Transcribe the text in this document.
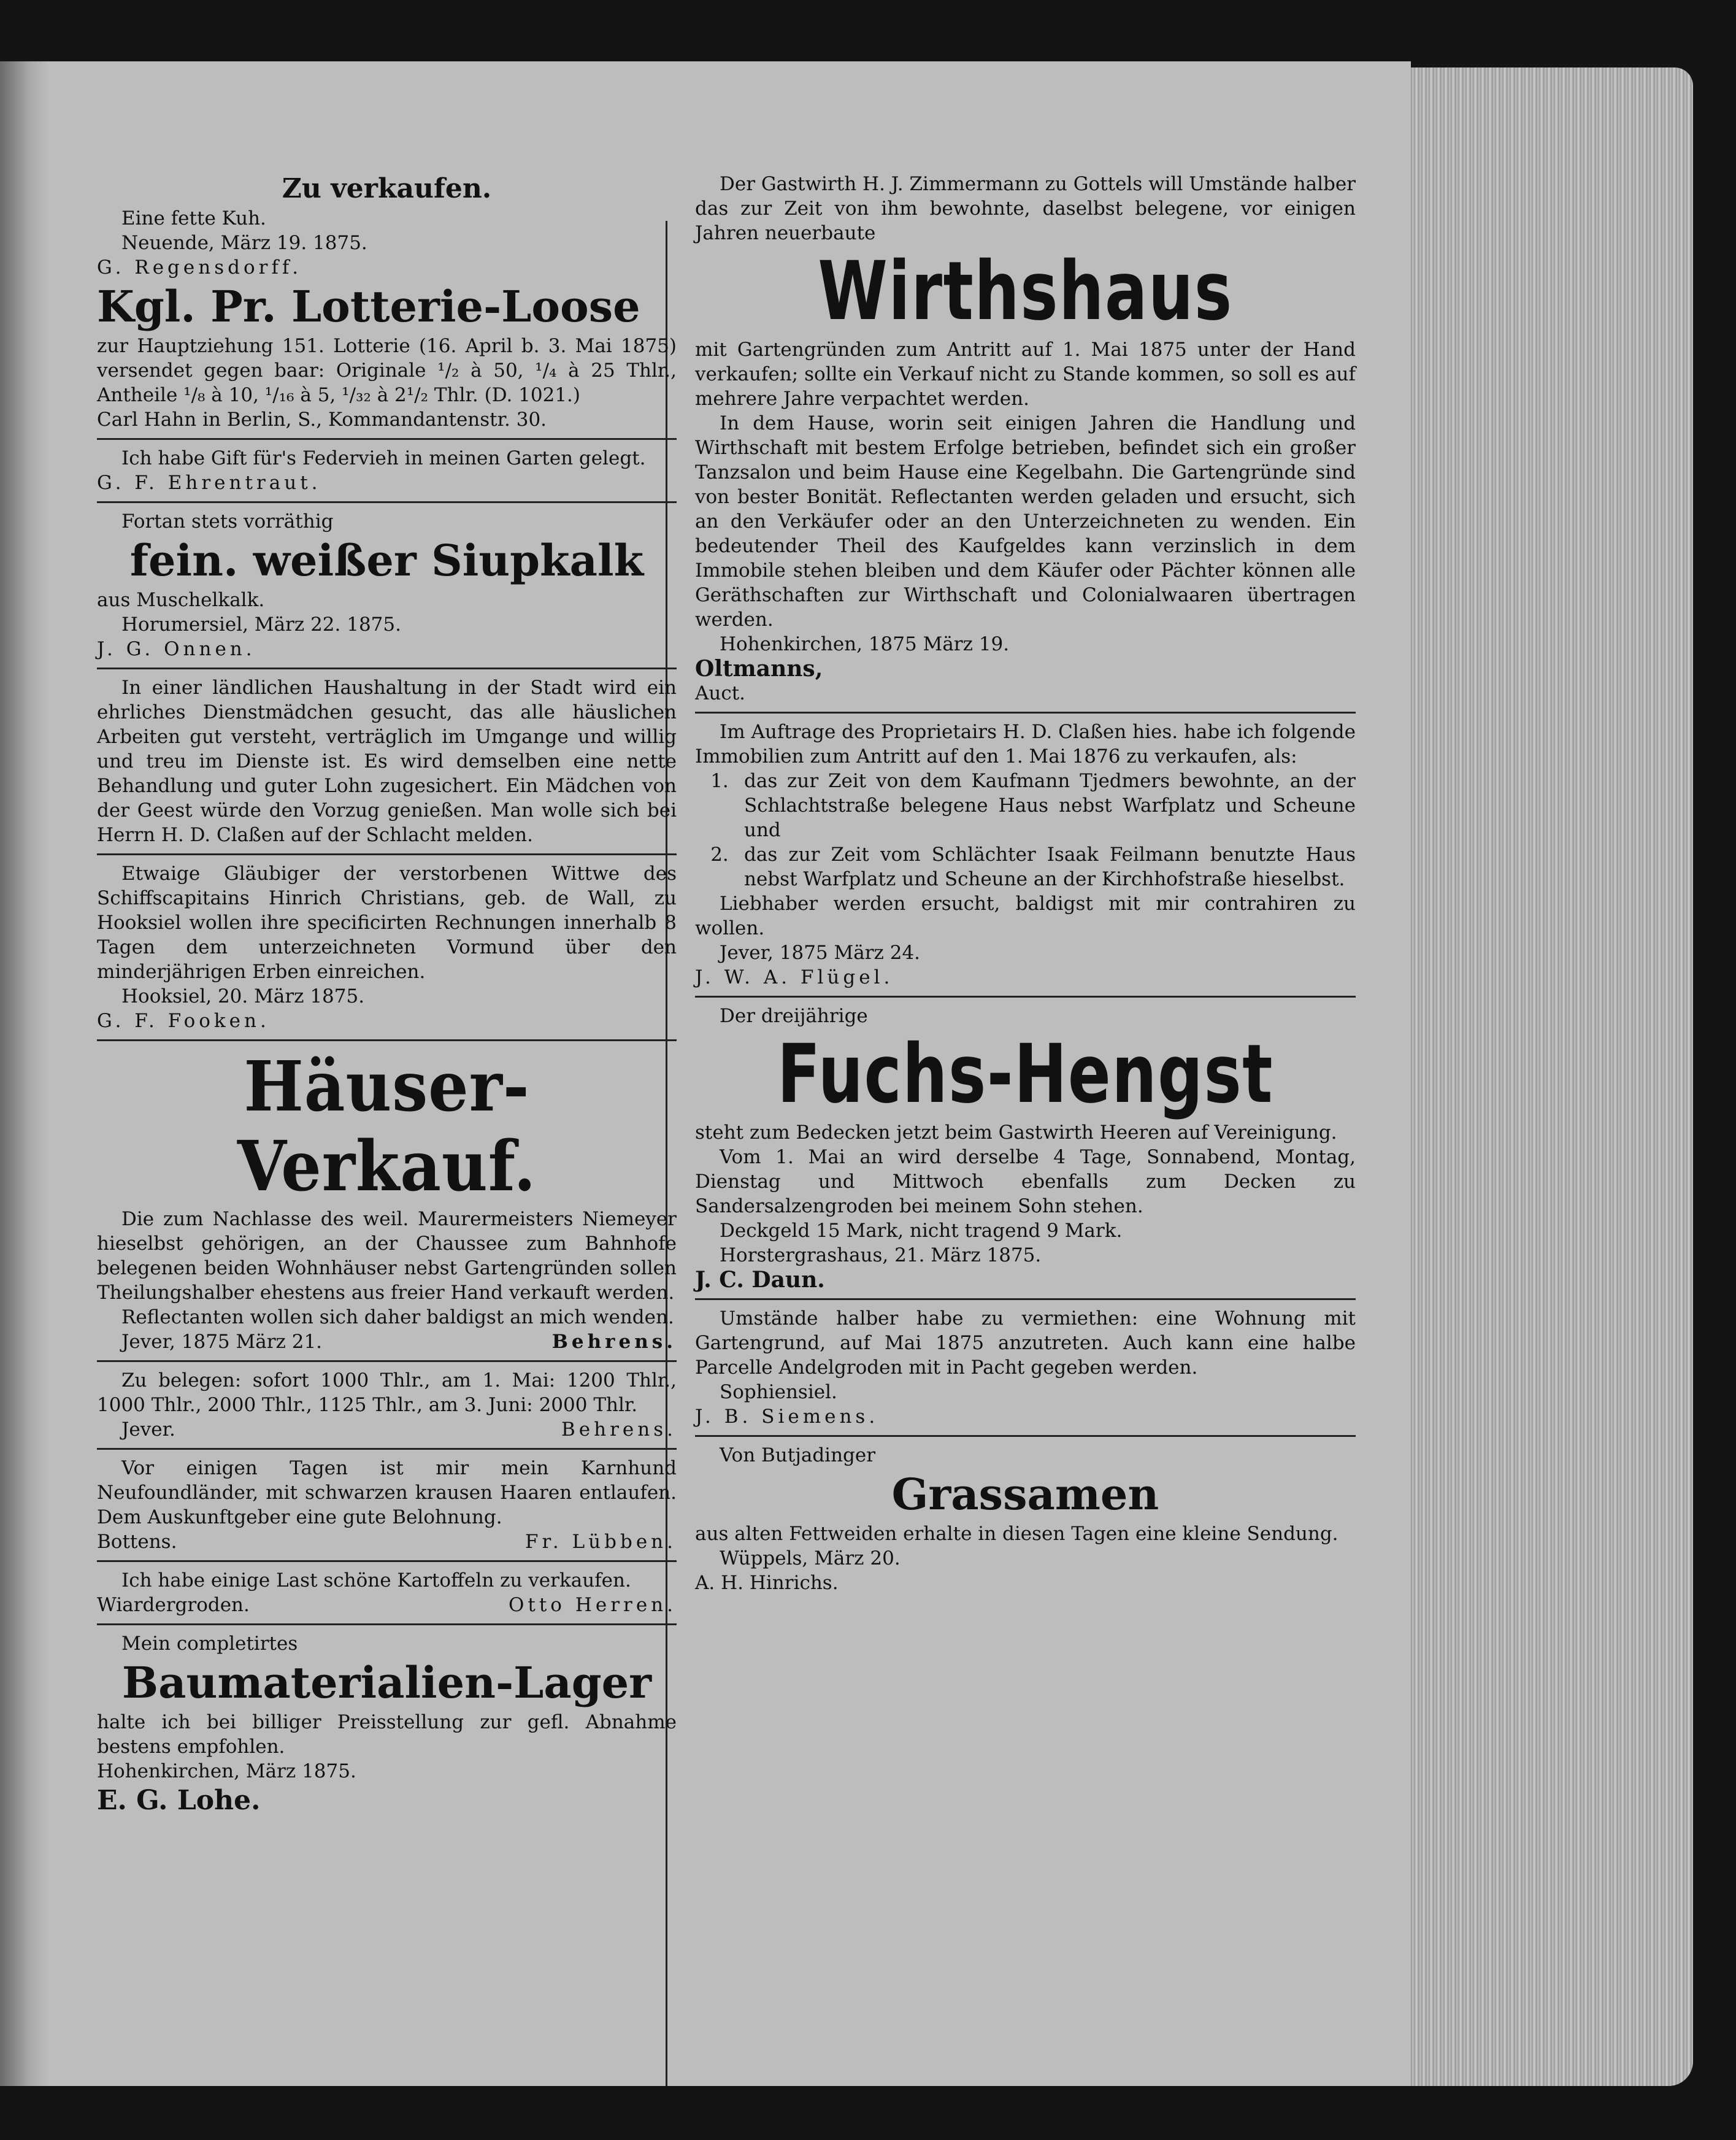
Zu verkaufen.

Eine fette Kuh.

Neuende, März 19. 1875.

G. Regensdorff.

Kgl. Pr. Lotterie-Loose

zur Hauptziehung 151. Lotterie (16. April b. 3. Mai 1875) versendet gegen baar: Originale ¹/₂ à 50, ¹/₄ à 25 Thlr., Antheile ¹/₈ à 10, ¹/₁₆ à 5, ¹/₃₂ à 2¹/₂ Thlr. (D. 1021.)

Carl Hahn in Berlin, S., Kommandantenstr. 30.

Ich habe Gift für's Federvieh in meinen Garten gelegt.

G. F. Ehrentraut.

Fortan stets vorräthig

fein. weißer Siupkalk

aus Muschelkalk.

Horumersiel, März 22. 1875.

J. G. Onnen.

In einer ländlichen Haushaltung in der Stadt wird ein ehrliches Dienstmädchen gesucht, das alle häuslichen Arbeiten gut versteht, verträglich im Umgange und willig und treu im Dienste ist. Es wird demselben eine nette Behandlung und guter Lohn zugesichert. Ein Mädchen von der Geest würde den Vorzug genießen. Man wolle sich bei Herrn H. D. Claßen auf der Schlacht melden.

Etwaige Gläubiger der verstorbenen Wittwe des Schiffscapitains Hinrich Christians, geb. de Wall, zu Hooksiel wollen ihre specificirten Rechnungen innerhalb 8 Tagen dem unterzeichneten Vormund über den minderjährigen Erben einreichen.

Hooksiel, 20. März 1875.

G. F. Fooken.

Häuser-Verkauf.

Die zum Nachlasse des weil. Maurermeisters Niemeyer hieselbst gehörigen, an der Chaussee zum Bahnhofe belegenen beiden Wohnhäuser nebst Gartengründen sollen Theilungshalber ehestens aus freier Hand verkauft werden.

Reflectanten wollen sich daher baldigst an mich wenden.

Jever, 1875 März 21.	Behrens.

Zu belegen: sofort 1000 Thlr., am 1. Mai: 1200 Thlr., 1000 Thlr., 2000 Thlr., 1125 Thlr., am 3. Juni: 2000 Thlr.

Jever.	Behrens.

Vor einigen Tagen ist mir mein Karnhund Neufoundländer, mit schwarzen krausen Haaren entlaufen. Dem Auskunftgeber eine gute Belohnung.

Bottens.	Fr. Lübben.

Ich habe einige Last schöne Kartoffeln zu verkaufen.

Wiardergroden.	Otto Herren.

Mein completirtes

Baumaterialien-Lager

halte ich bei billiger Preisstellung zur gefl. Abnahme bestens empfohlen.

Hohenkirchen, März 1875.

E. G. Lohe.

Der Gastwirth H. J. Zimmermann zu Gottels will Umstände halber das zur Zeit von ihm bewohnte, daselbst belegene, vor einigen Jahren neuerbaute

Wirthshaus

mit Gartengründen zum Antritt auf 1. Mai 1875 unter der Hand verkaufen; sollte ein Verkauf nicht zu Stande kommen, so soll es auf mehrere Jahre verpachtet werden.

In dem Hause, worin seit einigen Jahren die Handlung und Wirthschaft mit bestem Erfolge betrieben, befindet sich ein großer Tanzsalon und beim Hause eine Kegelbahn. Die Gartengründe sind von bester Bonität. Reflectanten werden geladen und ersucht, sich an den Verkäufer oder an den Unterzeichneten zu wenden. Ein bedeutender Theil des Kaufgeldes kann verzinslich in dem Immobile stehen bleiben und dem Käufer oder Pächter können alle Geräthschaften zur Wirthschaft und Colonialwaaren übertragen werden.

Hohenkirchen, 1875 März 19.

Oltmanns,

Auct.

Im Auftrage des Proprietairs H. D. Claßen hies. habe ich folgende Immobilien zum Antritt auf den 1. Mai 1876 zu verkaufen, als:

1. das zur Zeit von dem Kaufmann Tjedmers bewohnte, an der Schlachtstraße belegene Haus nebst Warfplatz und Scheune und
2. das zur Zeit vom Schlächter Isaak Feilmann benutzte Haus nebst Warfplatz und Scheune an der Kirchhofstraße hieselbst.

Liebhaber werden ersucht, baldigst mit mir contrahiren zu wollen.

Jever, 1875 März 24.

J. W. A. Flügel.

Der dreijährige

Fuchs-Hengst

steht zum Bedecken jetzt beim Gastwirth Heeren auf Vereinigung.

Vom 1. Mai an wird derselbe 4 Tage, Sonnabend, Montag, Dienstag und Mittwoch ebenfalls zum Decken zu Sandersalzengroden bei meinem Sohn stehen.

Deckgeld 15 Mark, nicht tragend 9 Mark.

Horstergrashaus, 21. März 1875.

J. C. Daun.

Umstände halber habe zu vermiethen: eine Wohnung mit Gartengrund, auf Mai 1875 anzutreten. Auch kann eine halbe Parcelle Andelgroden mit in Pacht gegeben werden.

Sophiensiel.

J. B. Siemens.

Von Butjadinger

Grassamen

aus alten Fettweiden erhalte in diesen Tagen eine kleine Sendung.

Wüppels, März 20.

A. H. Hinrichs.
